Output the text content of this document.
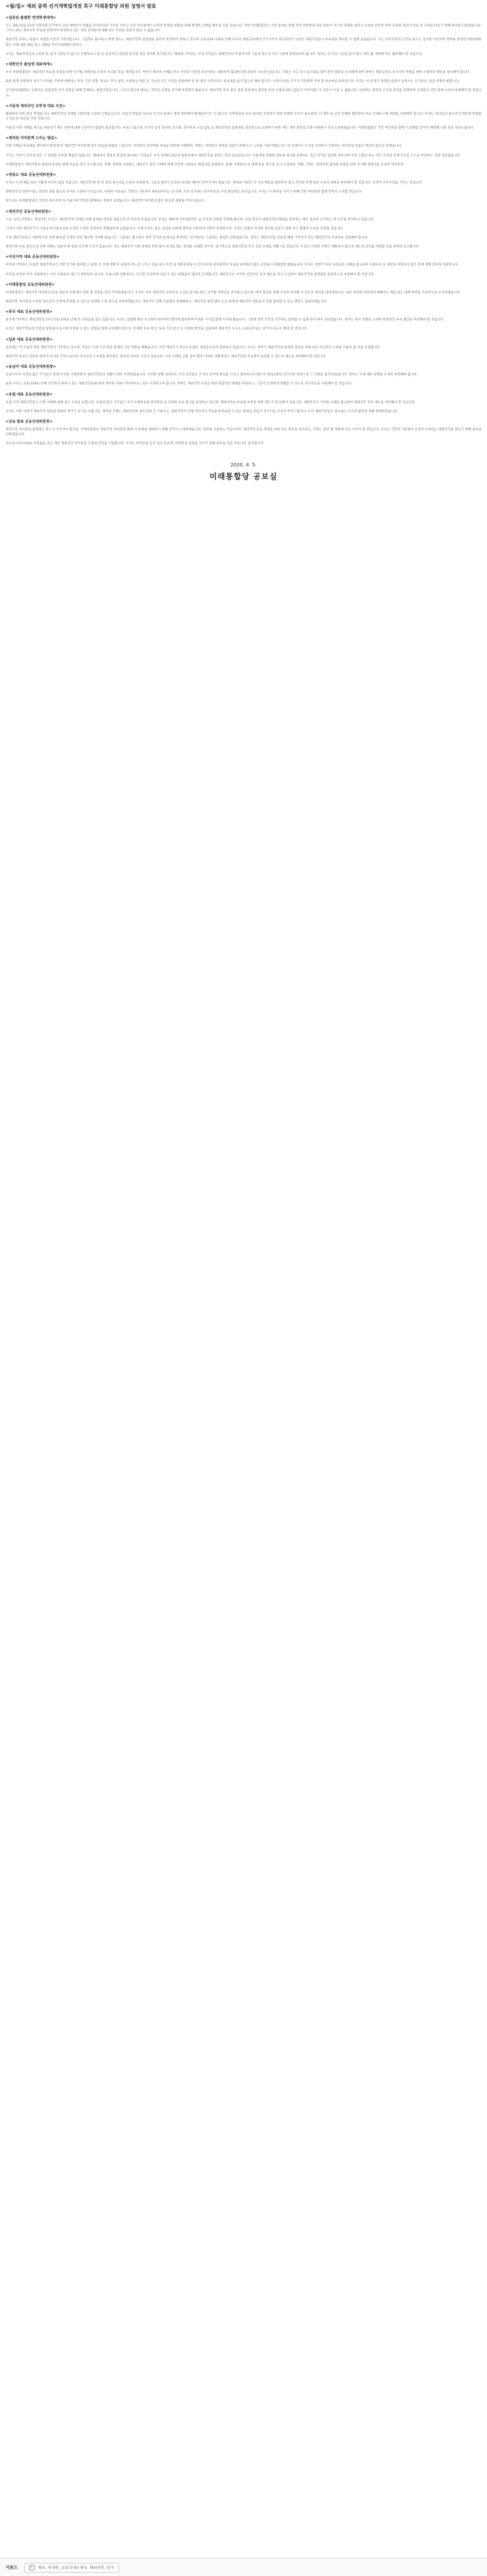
<월/일> 재외 총력 선거개혁법개정 촉구 미래통합당 의원 성명서 발표
<집중된 졸렬한 연대학생에게>

오는 4월 15일 21대 국회의원 선거에서 지난 대한민국 헌법과 민주주의의 가치를 지키고 국민 여러분께서 나라의 미래와 희망을 위해 현명한 선택을 해주실 것을 믿습니다. 저희 미래통합당은 이번 총선을 통해 국민 여러분의 뜻을 받들어 무너진 경제를 살리고 안보를 튼튼히 하며 공정과 정의가 바로 선 나라를 만들기 위해 최선을 다하겠습니다. 그러나 최근 재외국민 투표와 관련하여 발생하고 있는 여러 문제들에 대해 깊은 우려를 표하지 않을 수 없습니다.

재외국민 투표는 헌법이 보장한 국민의 기본권입니다. 그럼에도 불구하고 현행 제도는 재외국민의 참정권을 충분히 보장하지 못하고 있으며 코로나19 사태로 인해 다수의 재외공관에서 선거사무가 중지되면서 수많은 재외국민들이 투표권을 행사할 수 없게 되었습니다. 이는 민주주의의 근간을 흔드는 심각한 사안이며 정부와 중앙선거관리위원회는 이에 대한 책임 있는 대책을 즉각 마련해야 합니다.

우리는 재외국민들의 소중한 한 표가 사장되지 않도록 우편투표 도입 등 실질적인 대안을 강구할 것을 강력히 촉구합니다. 해외에 거주하는 우리 국민들도 대한민국의 주권자이며 그들의 목소리 역시 국정에 반영되어야 합니다. 정부는 더 이상 시간을 끌지 말고 관련 법 개정에 적극 협조해야 할 것입니다.

<대한민국 졸업생 대표에게>

우리 미래통합당은 재외국민 투표권 보장을 위한 선거법 개정안을 조속히 처리할 것을 제안합니다. 여야가 정파적 이해를 떠나 국민의 기본권 보장이라는 대원칙에 합의한다면 충분히 가능한 일입니다. 국회는 지금 즉시 임시회를 열어 관련 법안을 논의해야 하며 정부는 재외공관의 선거사무 재개를 위한 구체적인 방안을 제시해야 합니다.

또한 현재 상황에서 실시가 어려운 지역에 대해서는 투표 기간 연장, 투표소 추가 설치, 우편투표 허용 등 가능한 모든 수단을 동원하여 단 한 명의 국민이라도 투표권을 잃지 않도록 해야 합니다. 이것이 바로 국가가 국민에게 져야 할 최소한의 의무입니다. 우리는 이 문제가 정쟁의 대상이 되어서는 안 된다는 점을 분명히 밝힙니다.

선거관리위원회는 공정하고 중립적인 선거 관리를 위해 존재하는 헌법기관입니다. 그러나 최근의 행보는 국민의 신뢰를 얻기에 부족함이 많습니다. 재외국민 투표 중단 결정 과정에서 충분한 의견 수렴과 대안 검토가 이루어졌는지 의문이 아닐 수 없습니다. 선관위는 결정의 근거와 과정을 투명하게 공개하고 국민 앞에 소상히 설명해야 할 것입니다.

<서울대 재외국민 유학생 대표 의견>

해외에서 유학 중인 학생들 역시 대한민국의 미래를 이끌어갈 소중한 인재들입니다. 이들이 학업을 이유로 국가의 중대사 결정 과정에서 배제되어서는 안 됩니다. 유학생들의 투표 참여를 보장하기 위한 특별한 조치가 필요하며, 각 대학 및 교민 단체와 협력하여 투표 안내와 지원 체계를 마련해야 합니다. 우리는 청년들의 목소리가 정치에 반영될 수 있도록 최선을 다할 것입니다.

아울러 이번 사태를 계기로 재외선거 제도 전반에 대한 근본적인 점검이 필요합니다. 투표소 접근성, 선거인 등록 절차의 간소화, 전자투표 도입 검토 등 재외국민의 참정권을 실질적으로 보장하기 위한 제도 개선 방안을 국회 차원에서 적극 논의하겠습니다. 미래통합당은 국민 여러분과 함께 이 과제를 끝까지 해결해 나갈 것을 약속드립니다.

<제외된 여러분께 드리는 말씀>

이번 사태로 투표권을 행사하지 못하게 된 재외국민 여러분께 깊은 위로의 말씀을 드립니다. 여러분의 안타까운 마음을 충분히 이해하며, 저희는 여러분의 권리를 되찾기 위해 모든 노력을 기울이겠습니다. 먼 곳에서도 조국을 사랑하고 걱정하는 여러분의 마음이 헛되지 않도록 하겠습니다.

국가는 국민이 어디에 있든 그 권리를 보호할 책임이 있습니다. 해외에서 생업과 학업에 종사하는 국민들은 우리 경제와 외교의 최전선에서 대한민국을 알리는 민간 외교관입니다. 이들에게 정당한 대우와 권리를 보장하는 것은 국가의 당연한 의무이며 이를 소홀히 하는 것은 국가의 존재 이유를 스스로 부정하는 것과 다름없습니다.

미래통합당은 재외국민의 참정권 보장을 위해 다음과 같이 요구합니다. 첫째, 정부와 선관위는 재외선거 중단 사태에 대해 국민께 사과하고 책임자를 문책하라. 둘째, 우편투표 등 대체 투표 방식을 즉시 도입하라. 셋째, 국회는 재외국민 참정권 보장을 위한 선거법 개정안을 조속히 처리하라.

<영종도 대표 공동선대위원장>

우리는 이 문제를 결코 가볍게 여기지 않을 것입니다. 재외국민 한 분 한 분의 목소리를 소중히 경청하며, 그들의 권리가 온전히 보장될 때까지 끝까지 싸우겠습니다. 정부와 여당은 더 이상 책임을 회피하지 말고 국민의 뜻에 따라 조속히 대책을 마련해야 할 것입니다. 이것이 민주주의를 지키는 길입니다.

대한민국의 민주주의는 국민의 피와 땀으로 지켜온 소중한 가치입니다. 어떠한 이유로도 국민의 기본권이 제한되어서는 안 되며, 특히 선거권은 민주주의의 가장 핵심적인 권리입니다. 우리는 이 원칙을 지키기 위해 국민 여러분과 함께 끝까지 노력할 것입니다.

앞으로도 미래통합당은 국민의 목소리에 귀 기울이며 국민과 함께하는 정당이 되겠습니다. 재외국민 여러분의 많은 관심과 성원을 부탁드립니다.

<재외국민 공동선대위원장>

오늘 '나라 걱정하는 재외국민 모임'은 대한민국의 미래를 위해 중대한 결정을 내리고자 이 자리에 모였습니다. 우리는 해외에 거주하면서도 늘 조국의 안위를 걱정해 왔으며, 이번 총선이 대한민국의 향방을 결정짓는 매우 중요한 선거라는 데 인식을 같이하고 있습니다.

그러나 이번 재외선거가 사실상 무산됨으로써 우리의 소중한 참정권이 박탈당하게 되었습니다. 이에 우리는 깊은 유감을 표하며 정부와 선관위에 강력히 항의합니다. 우리는 헌법이 보장한 권리를 되찾기 위해 모든 합법적 수단을 동원할 것입니다.

우리 재외국민들은 대한민국의 경제 발전과 국제적 위상 제고에 기여해 왔습니다. 그럼에도 불구하고 정작 국가의 중대사를 결정하는 선거에서는 소외되는 현실이 안타깝습니다. 정부는 재외국민을 단순한 해외 거주자가 아닌 대한민국의 주권자로 존중해야 합니다.

재외국민 투표 중단으로 인한 피해는 단순히 한 번의 선거에 그치지 않습니다. 이는 재외국민 사회 전체의 정치 참여 의지를 꺾는 결과를 초래할 것이며, 장기적으로 재외국민과 모국 간의 유대를 약화시킬 것입니다. 우리는 이러한 사태가 재발하지 않도록 제도적 장치를 마련할 것을 강력히 요구합니다.

<미국지역 대표 공동선대위원장>

미국에 거주하는 수십만 재외국민들은 이번 선거에 참여할 수 없게 된 것에 대해 큰 실망과 분노를 느끼고 있습니다. 미국 내 재외공관들이 선거사무를 중단하면서 투표를 준비하던 많은 교민들이 허탈감에 빠졌습니다. 우리는 정부가 다른 나라들의 사례를 참고하여 우편투표 등 대안을 마련하지 않은 것에 대해 강하게 비판합니다.

미국을 비롯한 여러 나라에서는 이미 우편투표 제도가 정착되어 있으며, 코로나19 상황에서도 선거를 안전하게 치를 수 있는 방법들이 충분히 존재합니다. 대한민국도 이러한 선진적인 선거 제도를 적극 도입하여 재외국민의 참정권을 실질적으로 보장해야 할 것입니다.

<미래통합당 공동선대위원장>

미래통합당은 재외국민 여러분의 뜻을 받들어 국회에서 관련 법 개정을 적극 추진하겠습니다. 우리는 이미 재외국민 우편투표 도입을 골자로 하는 선거법 개정안을 준비하고 있으며, 여야 합의를 통해 조속히 처리될 수 있도록 최선을 다하겠습니다. 또한 정부와 선관위에 대해서도 책임 있는 대책 마련을 지속적으로 요구하겠습니다.

재외국민 여러분의 소중한 목소리가 국정에 반영될 수 있도록 다양한 소통 창구를 마련하겠습니다. 재외국민 정책 간담회를 정례화하고, 재외국민 관련 법안 논의 과정에 재외국민 대표들이 직접 참여할 수 있는 방안도 검토하겠습니다.

<중국 대표 공동선대위원장>

중국에 거주하는 재외국민들 역시 코로나19로 인해 큰 어려움을 겪고 있습니다. 우리는 감염병 확산 초기부터 현지에서 방역에 협조하며 어려운 시기를 함께 이겨내 왔습니다. 그런데 정작 조국의 선거에는 참여할 수 없게 되어 매우 안타깝습니다. 정부는 현지 상황을 고려한 현실적인 투표 방안을 마련해야 할 것입니다.

우리는 재외국민들의 안전과 참정권이 동시에 보장될 수 있는 방법을 함께 고민해야 합니다. 비대면 투표 방식, 투표 기간 분산 등 다양한 방안을 검토하여 재외국민 누구도 소외되지 않는 선거가 되도록 해야 할 것입니다.

<일본 대표 공동선대위원장>

일본에는 약 수십만 명의 재외국민이 거주하고 있으며, 이들은 오랜 기간 한일 관계의 가교 역할을 해왔습니다. 이번 재외선거 중단으로 많은 재일동포들이 실망하고 있습니다. 우리는 정부가 재외국민의 참정권 보장을 위해 보다 적극적인 노력을 기울여 줄 것을 요청합니다.

재외국민 투표는 단순한 절차가 아니라 국민으로서의 자긍심과 소속감을 확인하는 중요한 의미를 가지고 있습니다. 이번 사태를 교훈 삼아 향후 어떠한 상황에서도 재외국민의 투표권이 보장될 수 있도록 제도를 정비해야 할 것입니다.

<동남아 대표 공동선대위원장>

동남아시아 지역의 많은 국가들이 봉쇄 조치를 시행하면서 재외국민들의 생활이 매우 어려워졌습니다. 이러한 상황 속에서도 우리 교민들은 조국의 선거에 관심을 가지고 참여하고자 했으나 재외공관의 선거사무 중단으로 그 기회를 잃게 되었습니다. 정부는 이에 대한 대책을 조속히 마련해야 합니다.

또한 우리는 코로나19로 인해 귀국하지 못하고 있는 재외국민들에 대한 정부의 지원이 부족하다는 점도 지적하고자 합니다. 정부는 재외국민 보호를 위한 종합적인 대책을 마련하고, 그들이 안전하게 생활할 수 있도록 적극적으로 지원해야 할 것입니다.

<유럽 대표 공동선대위원장>

유럽 지역 재외국민들도 이번 사태에 대해 깊은 우려를 표합니다. 유럽의 많은 국가들은 이미 우편투표와 전자투표 등 다양한 투표 방식을 운영하고 있으며, 재외국민의 투표권 보장을 위한 제도가 잘 갖춰져 있습니다. 대한민국도 이러한 사례를 참고하여 재외국민 투표 제도를 개선해야 할 것입니다.

우리는 이번 사태가 재외국민 참정권 확대의 계기가 되기를 바랍니다. 정부와 국회는 재외국민의 목소리에 귀 기울이고, 재외국민이 언제 어디서나 자유롭게 투표할 수 있는 환경을 만들어 주시기를 간곡히 부탁드립니다. 우리 재외국민들은 앞으로도 조국의 발전을 위해 함께하겠습니다.

<공동 발표 공동선대위원장>

재외국민 여러분의 참정권은 반드시 지켜져야 합니다. 미래통합당은 재외국민 여러분과 함께 이 문제를 해결하기 위해 끝까지 노력하겠습니다. 정부와 선관위는 지금이라도 재외국민 투표 재개를 위한 모든 방안을 강구하고, 국회는 관련 법 개정에 적극 나서야 할 것입니다. 우리는 국민의 기본권이 온전히 보장되는 대한민국을 만들기 위해 최선을 다하겠습니다.

끝으로 코로나19로 어려움을 겪고 계신 재외국민 여러분의 건강과 안전을 기원합니다. 조국은 여러분을 잊지 않고 있으며, 여러분의 권리를 지키기 위해 최선을 다할 것입니다. 감사합니다.

2020. 4. 5.
미래통합당 공보실
키워드	재외, 비대면, 유튜브에우체국, 재외국민, 당국
